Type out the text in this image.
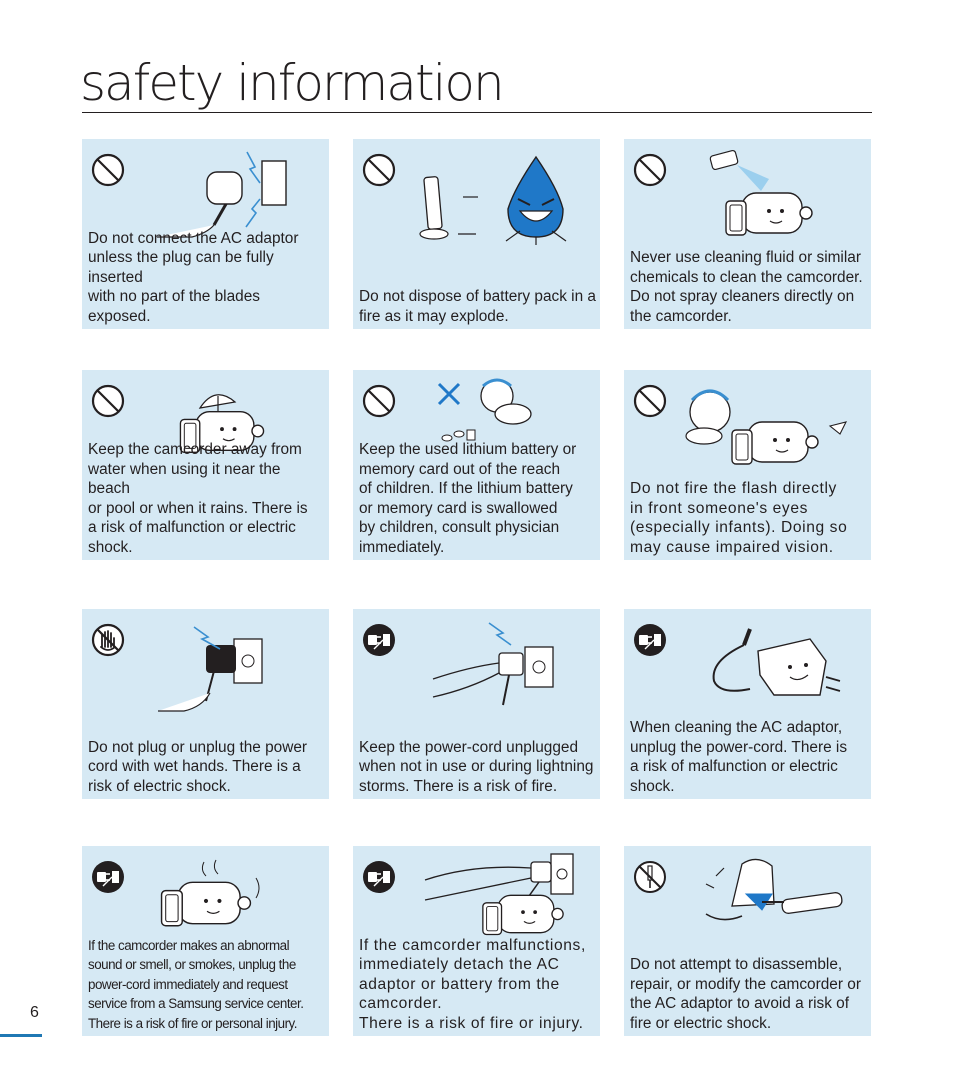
safety information
Do not connect the AC adaptor
unless the plug can be fully inserted
with no part of the blades exposed.
Do not dispose of battery pack in a
fire as it may explode.
Never use cleaning fluid or similar
chemicals to clean the camcorder.
Do not spray cleaners directly on
the camcorder.
Keep the camcorder away from
water when using it near the beach
or pool or when it rains. There is
a risk of malfunction or electric
shock.
Keep the used lithium battery or
memory card out of the reach
of children. If the lithium battery
or memory card is swallowed
by children, consult physician
immediately.
Do not fire the flash directly
in front someone's eyes
(especially infants). Doing so
may cause impaired vision.
Do not plug or unplug the power
cord with wet hands. There is a
risk of electric shock.
Keep the power-cord unplugged
when not in use or during lightning
storms. There is a risk of fire.
When cleaning the AC adaptor,
unplug the power-cord. There is
a risk of malfunction or electric
shock.
If the camcorder makes an abnormal
sound or smell, or smokes, unplug the
power-cord immediately and request
service from a Samsung service center.
There is a risk of fire or personal injury.
If the camcorder malfunctions,
immediately detach the AC
adaptor or battery from the
camcorder.
There is a risk of fire or injury.
Do not attempt to disassemble,
repair, or modify the camcorder or
the AC adaptor to avoid a risk of
fire or electric shock.
6
